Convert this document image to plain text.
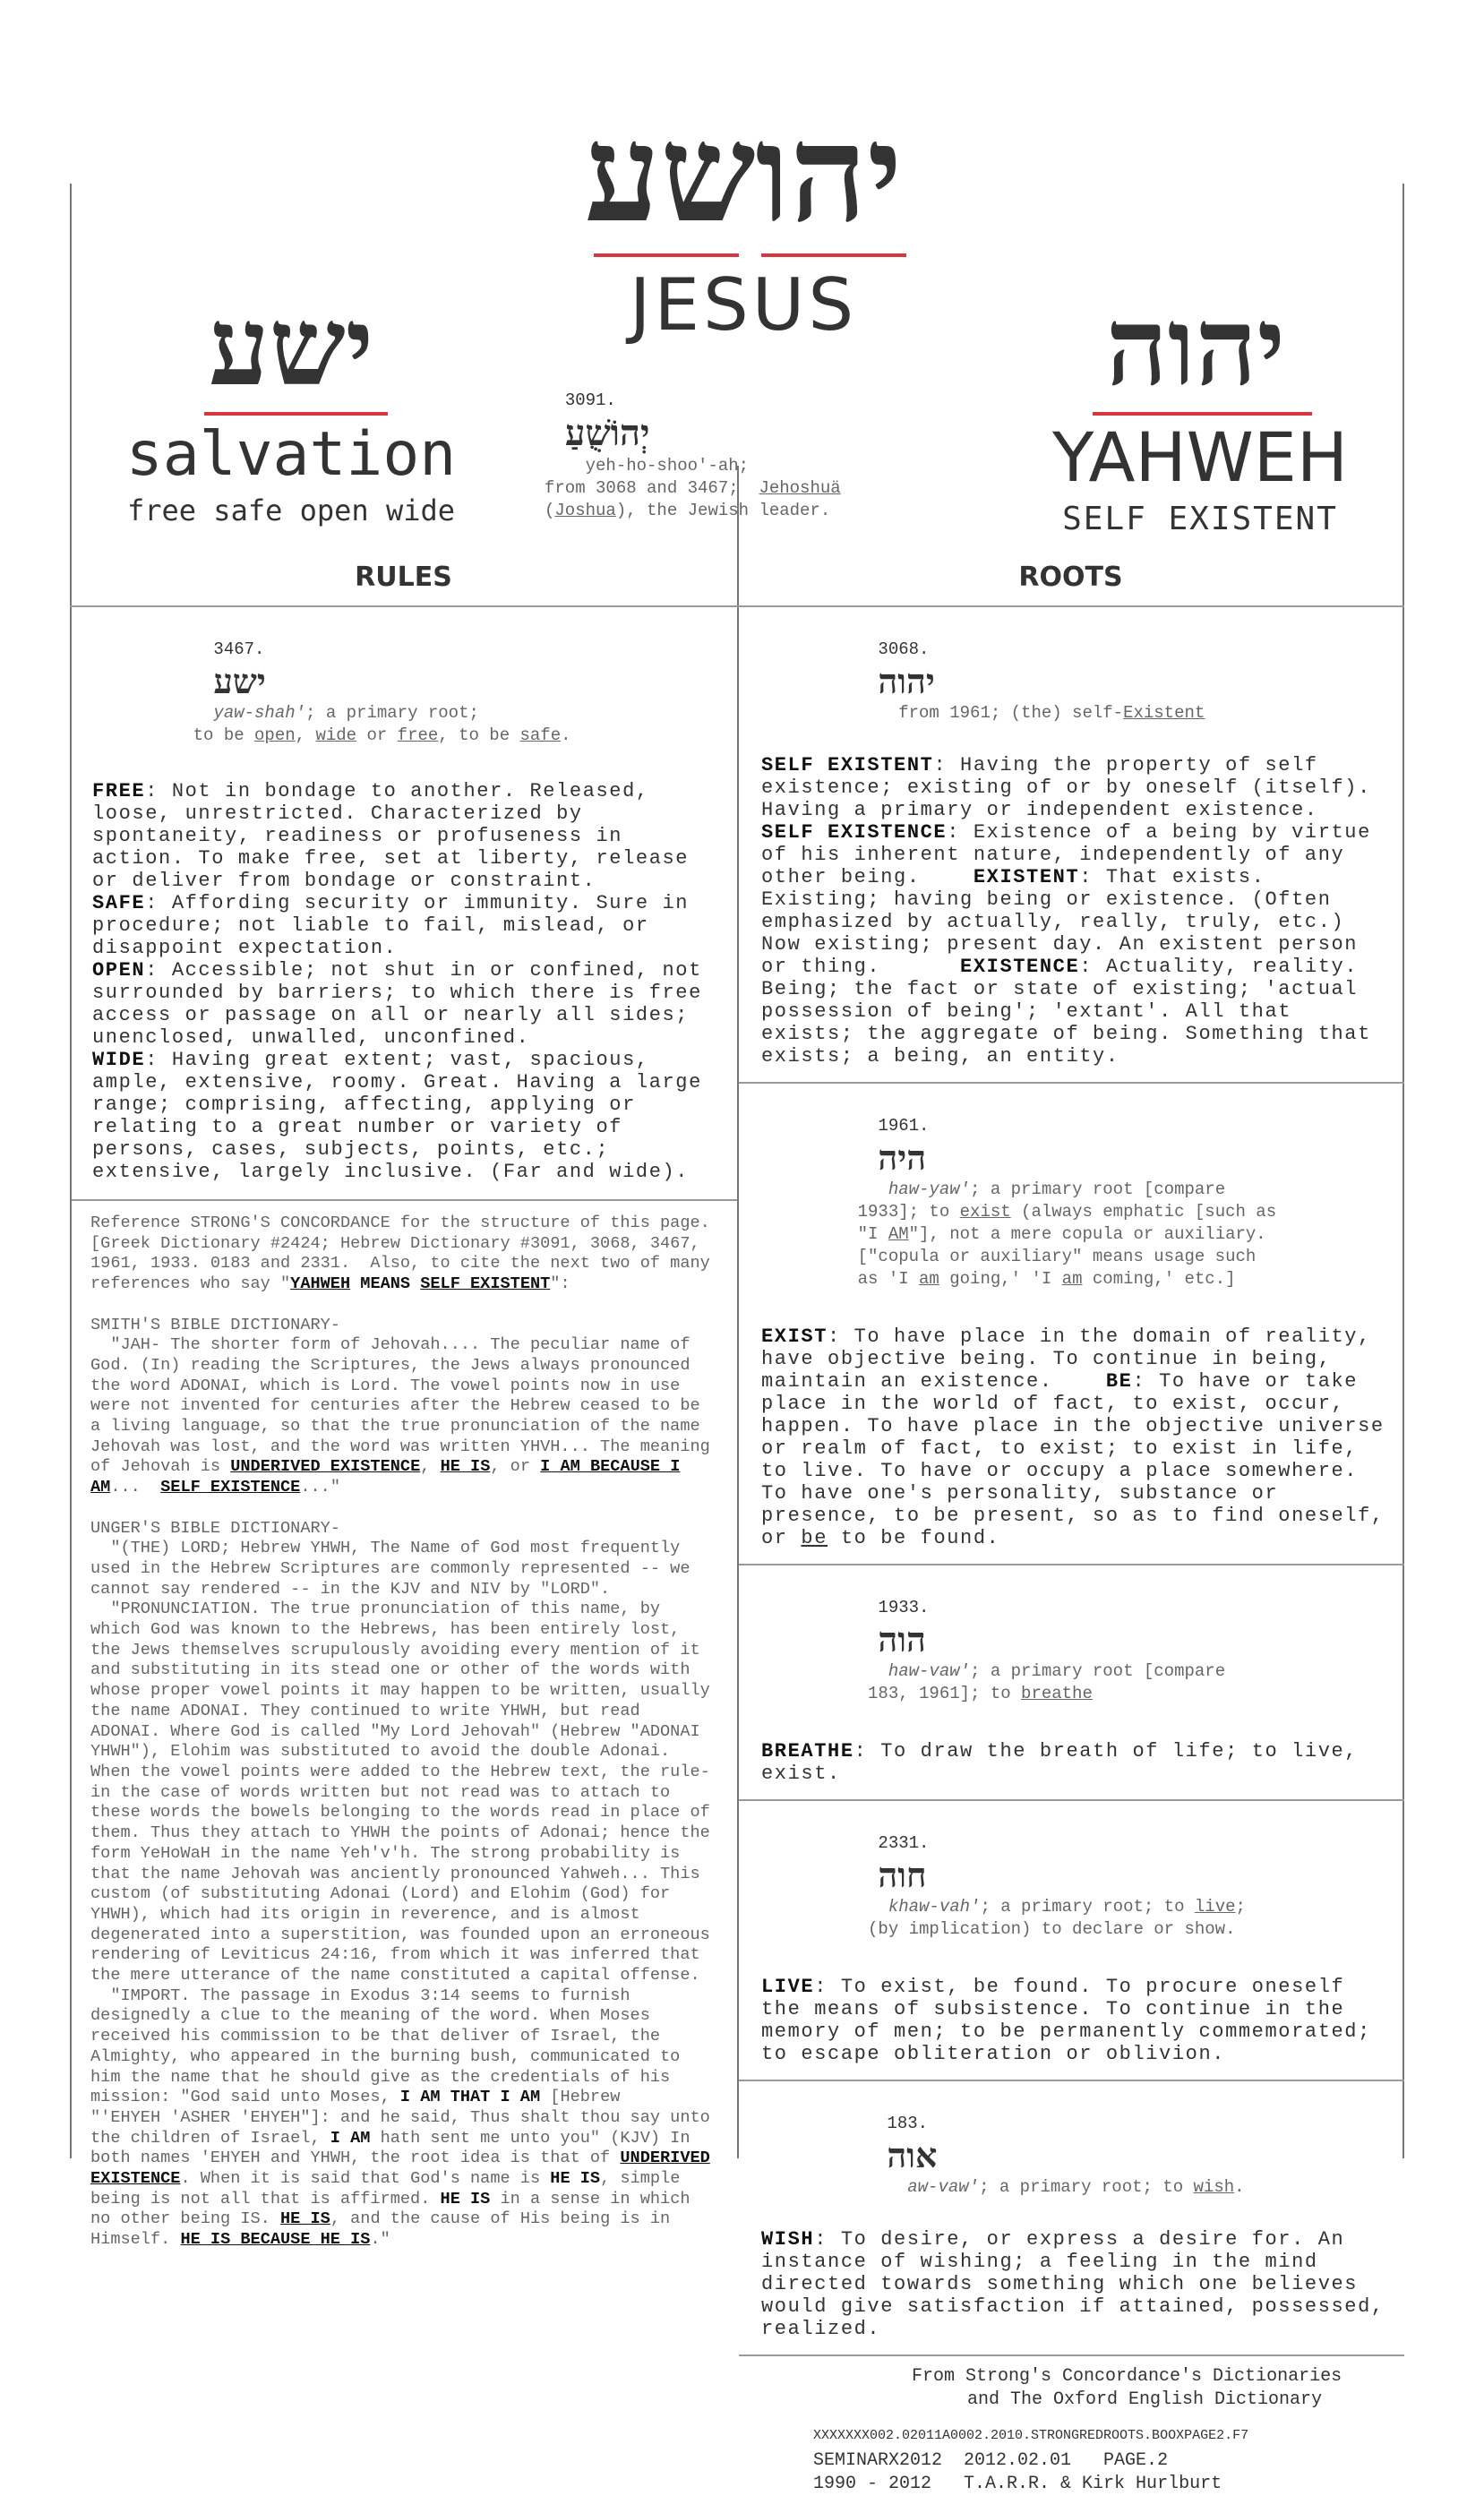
יהושע
JESUS

3091.
יְהוֹשֻׁעַ
yeh-ho-shoo'-ah;
from 3068 and 3467;  Jehoshuä
(Joshua), the Jewish leader.

ישע
salvation
free safe open wide
יהוה
YAHWEH
SELF EXISTENT
RULES	ROOTS

3467.
ישע
yaw-shah'; a primary root;
to be open, wide or free, to be safe.

FREE: Not in bondage to another. Released, loose, unrestricted. Characterized by spontaneity, readiness or profuseness in action. To make free, set at liberty, release or deliver from bondage or constraint.
SAFE: Affording security or immunity. Sure in procedure; not liable to fail, mislead, or disappoint expectation.
OPEN: Accessible; not shut in or confined, not surrounded by barriers; to which there is free access or passage on all or nearly all sides; unenclosed, unwalled, unconfined.
WIDE: Having great extent; vast, spacious, ample, extensive, roomy. Great. Having a large range; comprising, affecting, applying or relating to a great number or variety of persons, cases, subjects, points, etc.; extensive, largely inclusive. (Far and wide).
Reference STRONG'S CONCORDANCE for the structure of this page.
[Greek Dictionary #2424; Hebrew Dictionary #3091, 3068, 3467,
1961, 1933. 0183 and 2331.  Also, to cite the next two of many
references who say "YAHWEH MEANS SELF EXISTENT":

SMITH'S BIBLE DICTIONARY-
"JAH- The shorter form of Jehovah.... The peculiar name of
God. (In) reading the Scriptures, the Jews always pronounced
the word ADONAI, which is Lord. The vowel points now in use
were not invented for centuries after the Hebrew ceased to be
a living language, so that the true pronunciation of the name
Jehovah was lost, and the word was written YHVH... The meaning
of Jehovah is UNDERIVED EXISTENCE, HE IS, or I AM BECAUSE I
AM...  SELF EXISTENCE..."

UNGER'S BIBLE DICTIONARY-
"(THE) LORD; Hebrew YHWH, The Name of God most frequently
used in the Hebrew Scriptures are commonly represented -- we
cannot say rendered -- in the KJV and NIV by "LORD".
"PRONUNCIATION. The true pronunciation of this name, by
which God was known to the Hebrews, has been entirely lost,
the Jews themselves scrupulously avoiding every mention of it
and substituting in its stead one or other of the words with
whose proper vowel points it may happen to be written, usually
the name ADONAI. They continued to write YHWH, but read
ADONAI. Where God is called "My Lord Jehovah" (Hebrew "ADONAI
YHWH"), Elohim was substituted to avoid the double Adonai.
When the vowel points were added to the Hebrew text, the rule-
in the case of words written but not read was to attach to
these words the bowels belonging to the words read in place of
them. Thus they attach to YHWH the points of Adonai; hence the
form YeHoWaH in the name Yeh'v'h. The strong probability is
that the name Jehovah was anciently pronounced Yahweh... This
custom (of substituting Adonai (Lord) and Elohim (God) for
YHWH), which had its origin in reverence, and is almost
degenerated into a superstition, was founded upon an erroneous
rendering of Leviticus 24:16, from which it was inferred that
the mere utterance of the name constituted a capital offense.
"IMPORT. The passage in Exodus 3:14 seems to furnish
designedly a clue to the meaning of the word. When Moses
received his commission to be that deliver of Israel, the
Almighty, who appeared in the burning bush, communicated to
him the name that he should give as the credentials of his
mission: "God said unto Moses, I AM THAT I AM [Hebrew
"'EHYEH 'ASHER 'EHYEH"]: and he said, Thus shalt thou say unto
the children of Israel, I AM hath sent me unto you" (KJV) In
both names 'EHYEH and YHWH, the root idea is that of UNDERIVED
EXISTENCE. When it is said that God's name is HE IS, simple
being is not all that is affirmed. HE IS in a sense in which
no other being IS. HE IS, and the cause of His being is in
Himself. HE IS BECAUSE HE IS."

3068.
יהוה
from 1961; (the) self-Existent

SELF EXISTENT: Having the property of self existence; existing of or by oneself (itself). Having a primary or independent existence.
SELF EXISTENCE: Existence of a being by virtue of his inherent nature, independently of any other being.    EXISTENT: That exists. Existing; having being or existence. (Often emphasized by actually, really, truly, etc.) Now existing; present day. An existent person or thing.      EXISTENCE: Actuality, reality. Being; the fact or state of existing; 'actual possession of being'; 'extant'. All that exists; the aggregate of being. Something that exists; a being, an entity.

1961.
היה
haw-yaw'; a primary root [compare
1933]; to exist (always emphatic [such as
"I AM"], not a mere copula or auxiliary.
["copula or auxiliary" means usage such
as 'I am going,' 'I am coming,' etc.]

EXIST: To have place in the domain of reality, have objective being. To continue in being, maintain an existence.    BE: To have or take place in the world of fact, to exist, occur, happen. To have place in the objective universe or realm of fact, to exist; to exist in life, to live. To have or occupy a place somewhere. To have one's personality, substance or presence, to be present, so as to find oneself, or be to be found.

1933.
הוה
haw-vaw'; a primary root [compare
183, 1961]; to breathe

BREATHE: To draw the breath of life; to live, exist.

2331.
חוה
khaw-vah'; a primary root; to live;
(by implication) to declare or show.

LIVE: To exist, be found. To procure oneself the means of subsistence. To continue in the memory of men; to be permanently commemorated; to escape obliteration or oblivion.

183.
אוה
aw-vaw'; a primary root; to wish.

WISH: To desire, or express a desire for. An instance of wishing; a feeling in the mind directed towards something which one believes would give satisfaction if attained, possessed, realized.
From Strong's Concordance's Dictionaries
and The Oxford English Dictionary
XXXXXXX002.02011A0002.2010.STRONGREDROOTS.BOOXPAGE2.F7
SEMINARX2012  2012.02.01   PAGE.2
1990 - 2012   T.A.R.R. & Kirk Hurlburt
